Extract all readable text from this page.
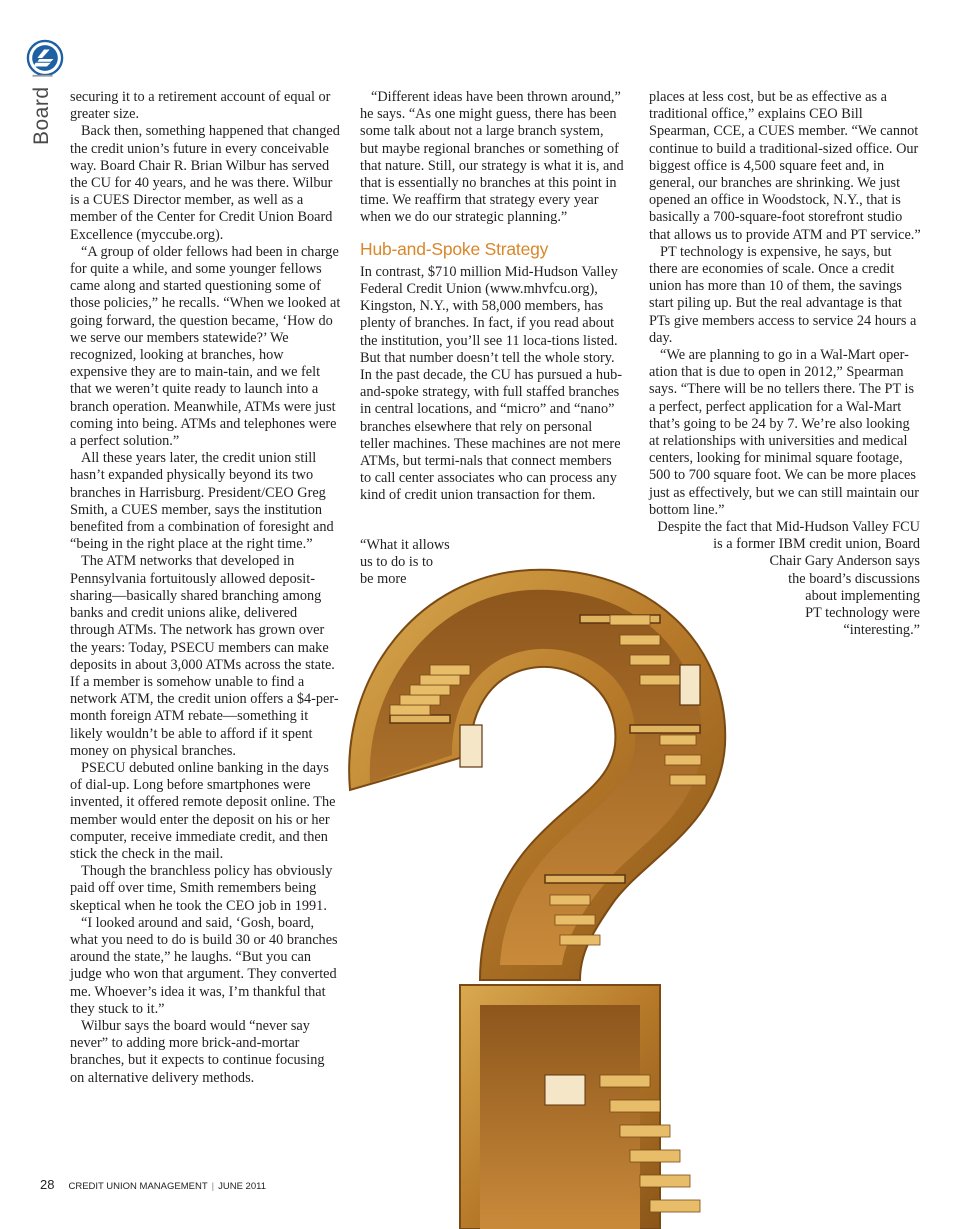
Board|

securing it to a retirement account of equal or greater size.

Back then, something happened that changed the credit union’s future in every conceivable way. Board Chair R. Brian Wilbur has served the CU for 40 years, and he was there. Wilbur is a CUES Director member, as well as a member of the Center for Credit Union Board Excellence (myccube.org).

“A group of older fellows had been in charge for quite a while, and some younger fellows came along and started questioning some of those policies,” he recalls. “When we looked at going forward, the question became, ‘How do we serve our members statewide?’ We recognized, looking at branches, how expensive they are to main-tain, and we felt that we weren’t quite ready to launch into a branch operation. Meanwhile, ATMs were just coming into being. ATMs and telephones were a perfect solution.”

All these years later, the credit union still hasn’t expanded physically beyond its two branches in Harrisburg. President/CEO Greg Smith, a CUES member, says the institution benefited from a combination of foresight and “being in the right place at the right time.”

The ATM networks that developed in Pennsylvania fortuitously allowed deposit-sharing—basically shared branching among banks and credit unions alike, delivered through ATMs. The network has grown over the years: Today, PSECU members can make deposits in about 3,000 ATMs across the state. If a member is somehow unable to find a network ATM, the credit union offers a $4-per-month foreign ATM rebate—something it likely wouldn’t be able to afford if it spent money on physical branches.

PSECU debuted online banking in the days of dial-up. Long before smartphones were invented, it offered remote deposit online. The member would enter the deposit on his or her computer, receive immediate credit, and then stick the check in the mail.

Though the branchless policy has obviously paid off over time, Smith remembers being skeptical when he took the CEO job in 1991.

“I looked around and said, ‘Gosh, board, what you need to do is build 30 or 40 branches around the state,” he laughs. “But you can judge who won that argument. They converted me. Whoever’s idea it was, I’m thankful that they stuck to it.”

Wilbur says the board would “never say never” to adding more brick-and-mortar branches, but it expects to continue focusing on alternative delivery methods.

“Different ideas have been thrown around,” he says. “As one might guess, there has been some talk about not a large branch system, but maybe regional branches or something of that nature. Still, our strategy is what it is, and that is essentially no branches at this point in time. We reaffirm that strategy every year when we do our strategic planning.”

Hub-and-Spoke Strategy

In contrast, $710 million Mid-Hudson Valley Federal Credit Union (www.mhvfcu.org), Kingston, N.Y., with 58,000 members, has plenty of branches. In fact, if you read about the institution, you’ll see 11 loca-tions listed. But that number doesn’t tell the whole story. In the past decade, the CU has pursued a hub-and-spoke strategy, with full staffed branches in central locations, and “micro” and “nano” branches elsewhere that rely on personal teller machines. These machines are not mere ATMs, but termi-nals that connect members to call center associates who can process any kind of credit union transaction for them.

“What it allows
us to do is to
be more

places at less cost, but be as effective as a traditional office,” explains CEO Bill Spearman, CCE, a CUES member. “We cannot continue to build a traditional-sized office. Our biggest office is 4,500 square feet and, in general, our branches are shrinking. We just opened an office in Woodstock, N.Y., that is basically a 700-square-foot storefront studio that allows us to provide ATM and PT service.”

PT technology is expensive, he says, but there are economies of scale. Once a credit union has more than 10 of them, the savings start piling up. But the real advantage is that PTs give members access to service 24 hours a day.

“We are planning to go in a Wal-Mart oper-ation that is due to open in 2012,” Spearman says. “There will be no tellers there. The PT is a perfect, perfect application for a Wal-Mart that’s going to be 24 by 7. We’re also looking at relationships with universities and medical centers, looking for minimal square footage, 500 to 700 square foot. We can be more places just as effectively, but we can still maintain our bottom line.”

Despite the fact that Mid-Hudson Valley FCU
is a former IBM credit union, Board
Chair Gary Anderson says
the board’s discussions
about implementing
PT technology were
“interesting.”
28 CREDIT UNION MANAGEMENT | JUNE 2011
